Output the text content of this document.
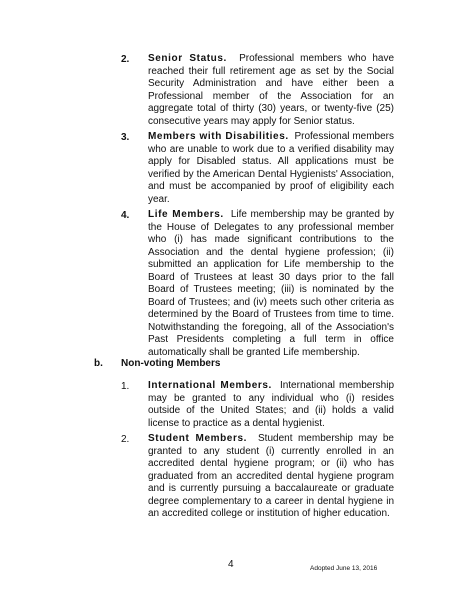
2. Senior Status. Professional members who have reached their full retirement age as set by the Social Security Administration and have either been a Professional member of the Association for an aggregate total of thirty (30) years, or twenty-five (25) consecutive years may apply for Senior status.
3. Members with Disabilities. Professional members who are unable to work due to a verified disability may apply for Disabled status. All applications must be verified by the American Dental Hygienists' Association, and must be accompanied by proof of eligibility each year.
4. Life Members. Life membership may be granted by the House of Delegates to any professional member who (i) has made significant contributions to the Association and the dental hygiene profession; (ii) submitted an application for Life membership to the Board of Trustees at least 30 days prior to the fall Board of Trustees meeting; (iii) is nominated by the Board of Trustees; and (iv) meets such other criteria as determined by the Board of Trustees from time to time. Notwithstanding the foregoing, all of the Association's Past Presidents completing a full term in office automatically shall be granted Life membership.
b. Non-voting Members
1. International Members. International membership may be granted to any individual who (i) resides outside of the United States; and (ii) holds a valid license to practice as a dental hygienist.
2. Student Members. Student membership may be granted to any student (i) currently enrolled in an accredited dental hygiene program; or (ii) who has graduated from an accredited dental hygiene program and is currently pursuing a baccalaureate or graduate degree complementary to a career in dental hygiene in an accredited college or institution of higher education.
4	Adopted June 13, 2016
